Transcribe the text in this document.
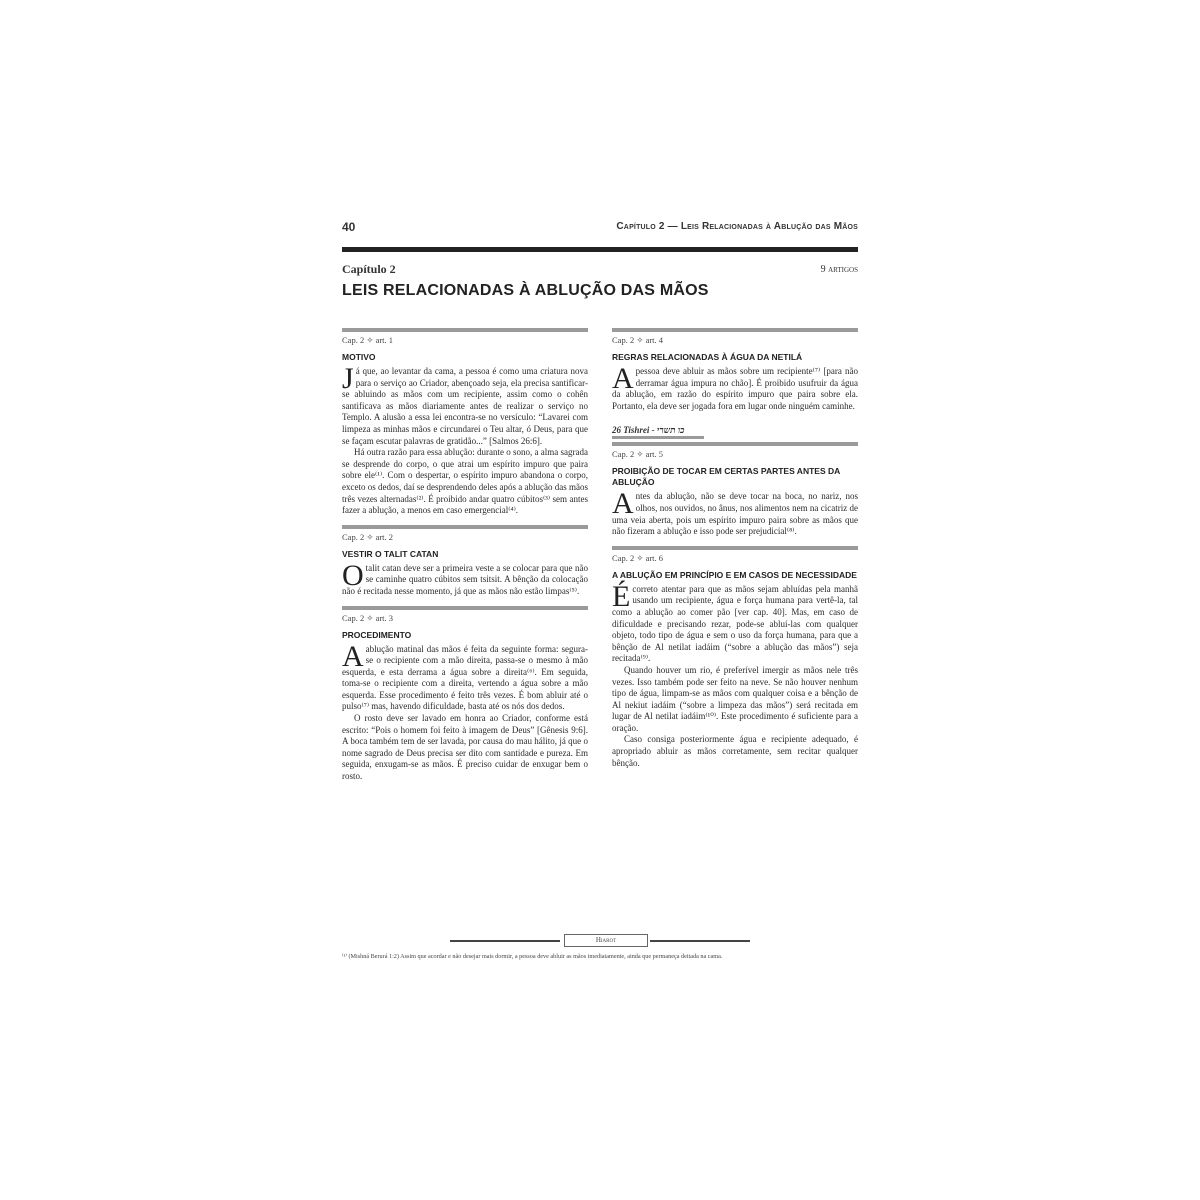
40	Capítulo 2 — Leis Relacionadas à Ablução das Mãos
Capítulo 2	9 artigos
LEIS RELACIONADAS À ABLUÇÃO DAS MÃOS
Cap. 2 ✧ art. 1
MOTIVO

Já que, ao levantar da cama, a pessoa é como uma criatura nova para o serviço ao Criador, abençoado seja, ela precisa santificar-se abluindo as mãos com um recipiente, assim como o cohên santificava as mãos diariamente antes de realizar o serviço no Templo. A alusão a essa lei encontra-se no versículo: “Lavarei com limpeza as minhas mãos e circundarei o Teu altar, ó Deus, para que se façam escutar palavras de gratidão...” [Salmos 26:6].

Há outra razão para essa ablução: durante o sono, a alma sagrada se desprende do corpo, o que atrai um espírito impuro que paira sobre ele⁽¹⁾. Com o despertar, o espírito impuro abandona o corpo, exceto os dedos, daí se desprendendo deles após a ablução das mãos três vezes alternadas⁽²⁾. É proibido andar quatro cúbitos⁽³⁾ sem antes fazer a ablução, a menos em caso emergencial⁽⁴⁾.

Cap. 2 ✧ art. 2
VESTIR O TALIT CATAN

Otalit catan deve ser a primeira veste a se colocar para que não se caminhe quatro cúbitos sem tsitsit. A bênção da colocação não é recitada nesse momento, já que as mãos não estão limpas⁽⁵⁾.

Cap. 2 ✧ art. 3
PROCEDIMENTO

Aablução matinal das mãos é feita da seguinte forma: segura-se o recipiente com a mão direita, passa-se o mesmo à mão esquerda, e esta derrama a água sobre a direita⁽⁶⁾. Em seguida, toma-se o recipiente com a direita, vertendo a água sobre a mão esquerda. Esse procedimento é feito três vezes. É bom abluir até o pulso⁽⁷⁾ mas, havendo dificuldade, basta até os nós dos dedos.

O rosto deve ser lavado em honra ao Criador, conforme está escrito: “Pois o homem foi feito à imagem de Deus” [Gênesis 9:6]. A boca também tem de ser lavada, por causa do mau hálito, já que o nome sagrado de Deus precisa ser dito com santidade e pureza. Em seguida, enxugam-se as mãos. É preciso cuidar de enxugar bem o rosto.

Cap. 2 ✧ art. 4
REGRAS RELACIONADAS À ÁGUA DA NETILÁ

Apessoa deve abluir as mãos sobre um recipiente⁽⁷⁾ [para não derramar água impura no chão]. É proibido usufruir da água da ablução, em razão do espírito impuro que paira sobre ela. Portanto, ela deve ser jogada fora em lugar onde ninguém caminhe.

26 Tishrei - כו תשרי
Cap. 2 ✧ art. 5
PROIBIÇÃO DE TOCAR EM CERTAS PARTES ANTES DA ABLUÇÃO

Antes da ablução, não se deve tocar na boca, no nariz, nos olhos, nos ouvidos, no ânus, nos alimentos nem na cicatriz de uma veia aberta, pois um espírito impuro paira sobre as mãos que não fizeram a ablução e isso pode ser prejudicial⁽⁸⁾.

Cap. 2 ✧ art. 6
A ABLUÇÃO EM PRINCÍPIO E EM CASOS DE NECESSIDADE

Écorreto atentar para que as mãos sejam abluídas pela manhã usando um recipiente, água e força humana para vertê-la, tal como a ablução ao comer pão [ver cap. 40]. Mas, em caso de dificuldade e precisando rezar, pode-se abluí-las com qualquer objeto, todo tipo de água e sem o uso da força humana, para que a bênção de Al netilat iadáim (“sobre a ablução das mãos”) seja recitada⁽⁹⁾.

Quando houver um rio, é preferível imergir as mãos nele três vezes. Isso também pode ser feito na neve. Se não houver nenhum tipo de água, limpam-se as mãos com qualquer coisa e a bênção de Al nekiut iadáim (“sobre a limpeza das mãos”) será recitada em lugar de Al netilat iadáim⁽¹⁰⁾. Este procedimento é suficiente para a oração.

Caso consiga posteriormente água e recipiente adequado, é apropriado abluir as mãos corretamente, sem recitar qualquer bênção.

Hiarot
⁽¹⁾ (Mishná Berurá 1:2) Assim que acordar e não desejar mais dormir, a pessoa deve abluir as mãos imediatamente, ainda que permaneça deitada na cama.
